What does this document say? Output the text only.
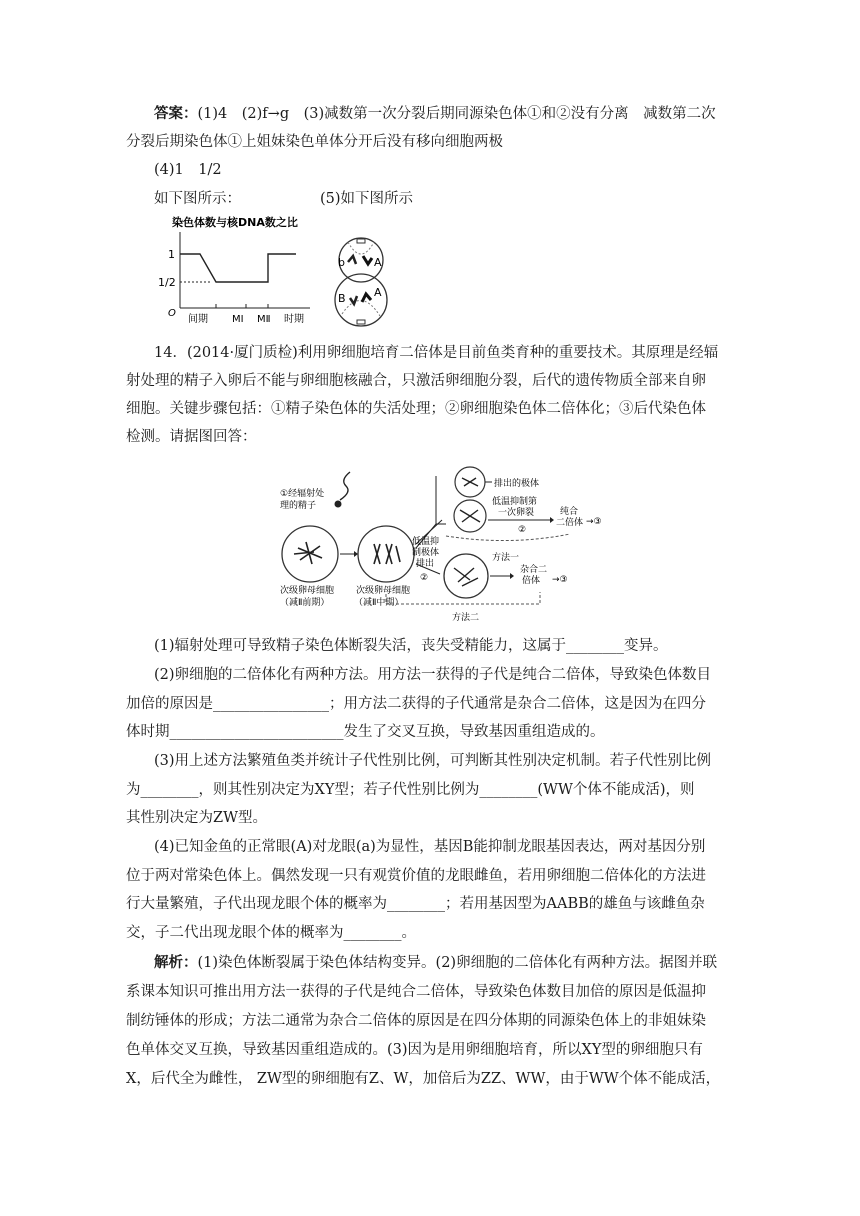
答案：(1)4　(2)f→g　(3)减数第一次分裂后期同源染色体①和②没有分离　减数第二次
分裂后期染色体①上姐妹染色单体分开后没有移向细胞两极
(4)1　1/2
如下图所示：	(5)如下图所示
染色体数与核DNA数之比
1
1/2
O
间期 MⅠ MⅡ 时期
b	A
B	A
14．(2014·厦门质检)利用卵细胞培育二倍体是目前鱼类育种的重要技术。其原理是经辐
射处理的精子入卵后不能与卵细胞核融合，只激活卵细胞分裂，后代的遗传物质全部来自卵
细胞。关键步骤包括：①精子染色体的失活处理；②卵细胞染色体二倍体化；③后代染色体
检测。请据图回答：
①经辐射处
理的精子
次级卵母细胞
（减Ⅱ前期）
次级卵母细胞
（减Ⅱ中期）
排出的极体
低温抑制第
一次卵裂
②
纯合
二倍体 →③
方法一
低温抑
制极体
排出
②
杂合二
倍体 →③
方法二
(1)辐射处理可导致精子染色体断裂失活，丧失受精能力，这属于________变异。
(2)卵细胞的二倍体化有两种方法。用方法一获得的子代是纯合二倍体，导致染色体数目
加倍的原因是________________；用方法二获得的子代通常是杂合二倍体，这是因为在四分
体时期________________________发生了交叉互换，导致基因重组造成的。
(3)用上述方法繁殖鱼类并统计子代性别比例，可判断其性别决定机制。若子代性别比例
为________，则其性别决定为XY型；若子代性别比例为________(WW个体不能成活)，则
其性别决定为ZW型。
(4)已知金鱼的正常眼(A)对龙眼(a)为显性，基因B能抑制龙眼基因表达，两对基因分别
位于两对常染色体上。偶然发现一只有观赏价值的龙眼雌鱼，若用卵细胞二倍体化的方法进
行大量繁殖，子代出现龙眼个体的概率为________；若用基因型为AABB的雄鱼与该雌鱼杂
交，子二代出现龙眼个体的概率为________。
解析：(1)染色体断裂属于染色体结构变异。(2)卵细胞的二倍体化有两种方法。据图并联
系课本知识可推出用方法一获得的子代是纯合二倍体，导致染色体数目加倍的原因是低温抑
制纺锤体的形成；方法二通常为杂合二倍体的原因是在四分体期的同源染色体上的非姐妹染
色单体交叉互换，导致基因重组造成的。(3)因为是用卵细胞培育，所以XY型的卵细胞只有
X，后代全为雌性， ZW型的卵细胞有Z、W，加倍后为ZZ、WW，由于WW个体不能成活，
